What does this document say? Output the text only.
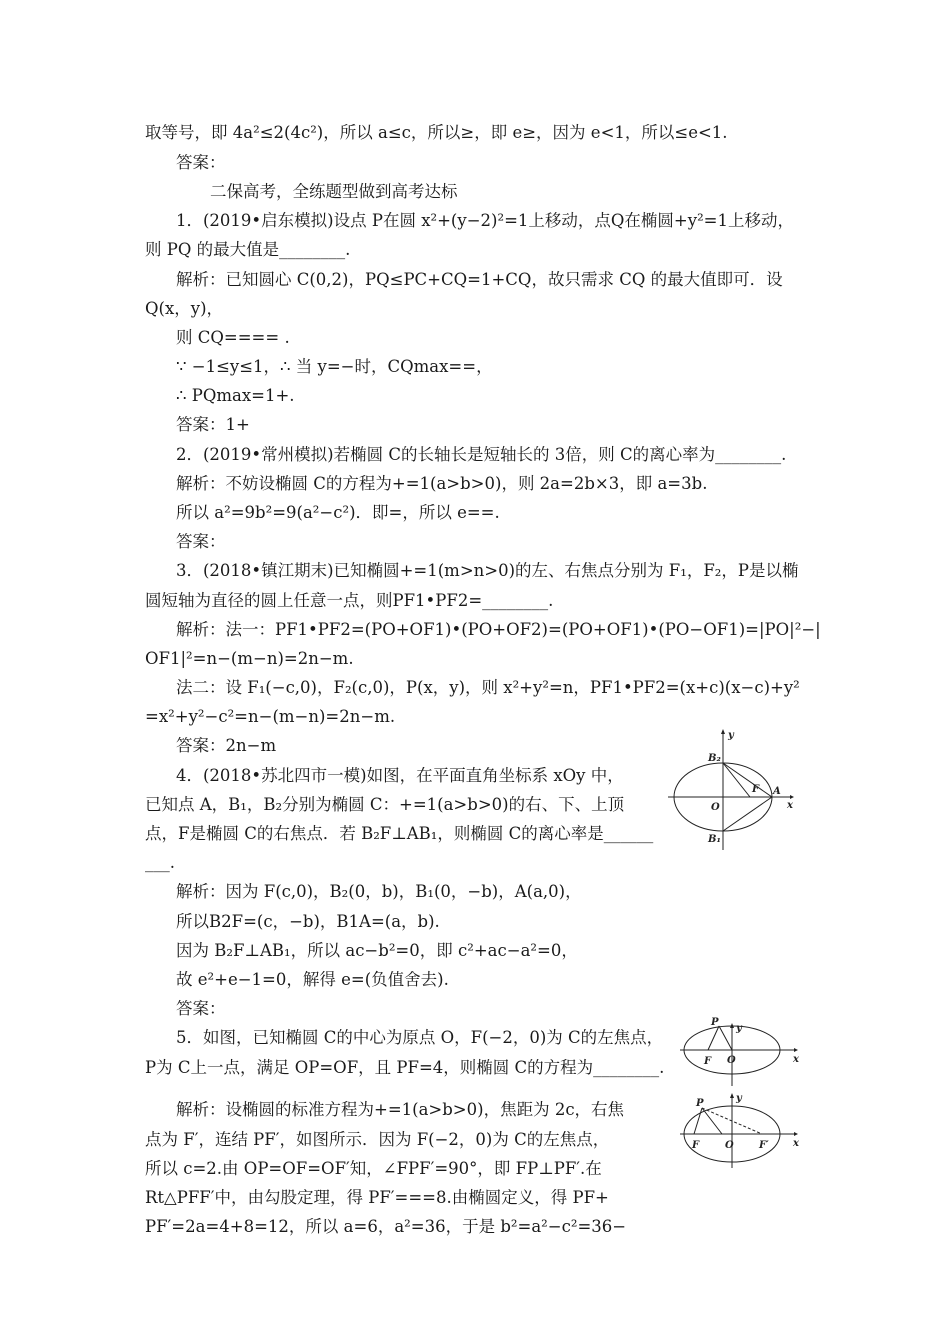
取等号，即 4a²≤2(4c²)，所以 a≤c，所以≥，即 e≥，因为 e<1，所以≤e<1.
答案：
二保高考，全练题型做到高考达标
1．(2019•启东模拟)设点 P在圆 x²+(y−2)²=1上移动，点Q在椭圆+y²=1上移动，
则 PQ 的最大值是________.
解析：已知圆心 C(0,2)，PQ≤PC+CQ=1+CQ，故只需求 CQ 的最大值即可．设
Q(x，y)，
则 CQ==== .
∵ −1≤y≤1，∴ 当 y=−时，CQmax==，
∴ PQmax=1+.
答案：1+
2．(2019•常州模拟)若椭圆 C的长轴长是短轴长的 3倍，则 C的离心率为________.
解析：不妨设椭圆 C的方程为+=1(a>b>0)，则 2a=2b×3，即 a=3b.
所以 a²=9b²=9(a²−c²)．即=，所以 e==.
答案：
3．(2018•镇江期末)已知椭圆+=1(m>n>0)的左、右焦点分别为 F₁，F₂，P是以椭
圆短轴为直径的圆上任意一点，则PF1•PF2=________.
解析：法一：PF1•PF2=(PO+OF1)•(PO+OF2)=(PO+OF1)•(PO−OF1)=|PO|²−|
OF1|²=n−(m−n)=2n−m.
法二：设 F₁(−c,0)，F₂(c,0)，P(x，y)，则 x²+y²=n，PF1•PF2=(x+c)(x−c)+y²
=x²+y²−c²=n−(m−n)=2n−m.
答案：2n−m
4．(2018•苏北四市一模)如图，在平面直角坐标系 xOy 中，
已知点 A，B₁，B₂分别为椭圆 C：+=1(a>b>0)的右、下、上顶
点，F是椭圆 C的右焦点．若 B₂F⊥AB₁，则椭圆 C的离心率是______
___.
解析：因为 F(c,0)，B₂(0，b)，B₁(0，−b)，A(a,0)，
所以B2F=(c，−b)，B1A=(a，b).
因为 B₂F⊥AB₁，所以 ac−b²=0，即 c²+ac−a²=0，
故 e²+e−1=0，解得 e=(负值舍去).
答案：
5．如图，已知椭圆 C的中心为原点 O，F(−2，0)为 C的左焦点，
P为 C上一点，满足 OP=OF，且 PF=4，则椭圆 C的方程为________.
解析：设椭圆的标准方程为+=1(a>b>0)，焦距为 2c，右焦
点为 F′，连结 PF′，如图所示．因为 F(−2，0)为 C的左焦点，
所以 c=2.由 OP=OF=OF′知，∠FPF′=90°，即 FP⊥PF′.在
Rt△PFF′中，由勾股定理，得 PF′===8.由椭圆定义，得 PF+
PF′=2a=4+8=12，所以 a=6，a²=36，于是 b²=a²−c²=36−
y
B₂
F A
O	x
B₁
y
P
F O	x
y
P
F	O	F′ x
